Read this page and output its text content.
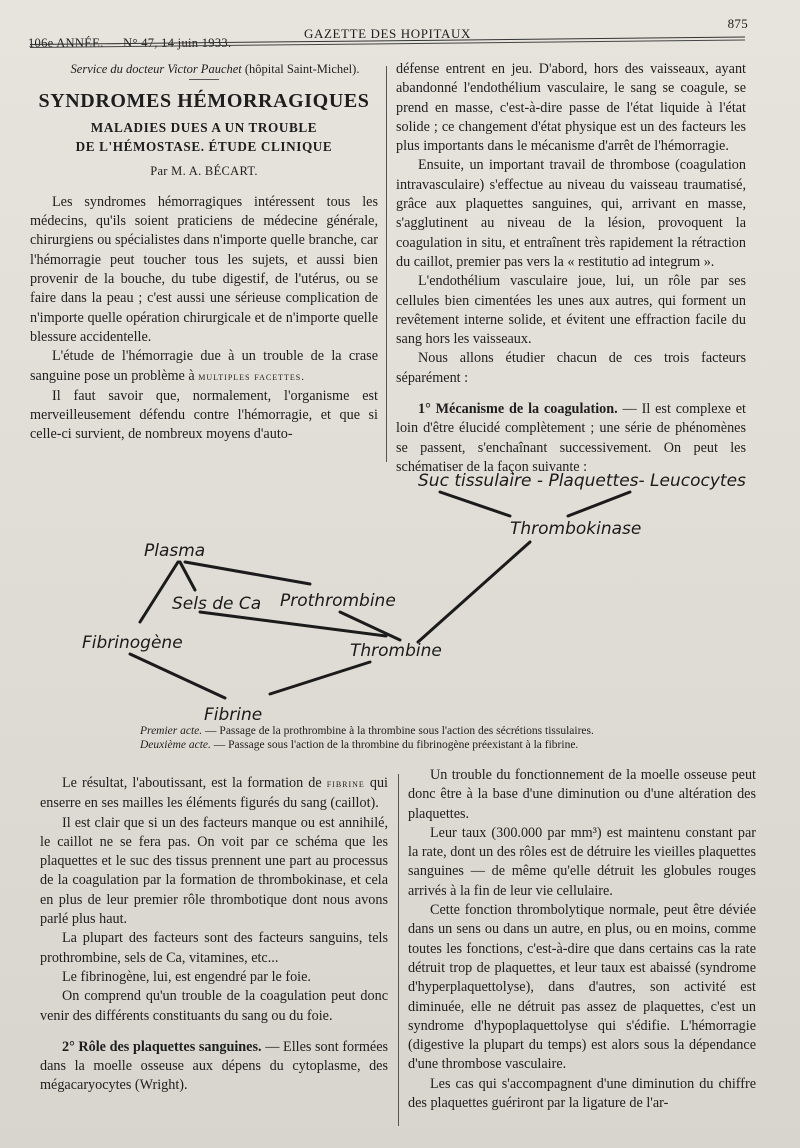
106e ANNÉE. — N° 47, 14 juin 1933.
GAZETTE DES HOPITAUX
875

Service du docteur Victor Pauchet (hôpital Saint-Michel).

SYNDROMES HÉMORRAGIQUES
MALADIES DUES A UN TROUBLE
DE L'HÉMOSTASE. ÉTUDE CLINIQUE
Par M. A. BÉCART.

Les syndromes hémorragiques intéressent tous les médecins, qu'ils soient praticiens de médecine générale, chirurgiens ou spécialistes dans n'importe quelle branche, car l'hémorragie peut toucher tous les sujets, et aussi bien provenir de la bouche, du tube digestif, de l'utérus, ou se faire dans la peau ; c'est aussi une sérieuse complication de n'importe quelle opération chirurgicale et de n'importe quelle blessure accidentelle.

L'étude de l'hémorragie due à un trouble de la crase sanguine pose un problème à multiples facettes.

Il faut savoir que, normalement, l'organisme est merveilleusement défendu contre l'hémorragie, et que si celle-ci survient, de nombreux moyens d'auto-

défense entrent en jeu. D'abord, hors des vaisseaux, ayant abandonné l'endothélium vasculaire, le sang se coagule, se prend en masse, c'est-à-dire passe de l'état liquide à l'état solide ; ce changement d'état physique est un des facteurs les plus importants dans le mécanisme d'arrêt de l'hémorragie.

Ensuite, un important travail de thrombose (coagulation intravasculaire) s'effectue au niveau du vaisseau traumatisé, grâce aux plaquettes sanguines, qui, arrivant en masse, s'agglutinent au niveau de la lésion, provoquent la coagulation in situ, et entraînent très rapidement la rétraction du caillot, premier pas vers la « restitutio ad integrum ».

L'endothélium vasculaire joue, lui, un rôle par ses cellules bien cimentées les unes aux autres, qui forment un revêtement interne solide, et évitent une effraction facile du sang hors les vaisseaux.

Nous allons étudier chacun de ces trois facteurs séparément :

1° Mécanisme de la coagulation. — Il est complexe et loin d'être élucidé complètement ; une série de phénomènes se passent, s'enchaînant successivement. On peut les schématiser de la façon suivante :

Suc tissulaire - Plaquettes- Leucocytes
Thrombokinase
Plasma
Sels de Ca Prothrombine
Fibrinogène	Thrombine
Fibrine
Premier acte. — Passage de la prothrombine à la thrombine sous l'action des sécrétions tissulaires.
Deuxième acte. — Passage sous l'action de la thrombine du fibrinogène préexistant à la fibrine.

Le résultat, l'aboutissant, est la formation de fibrine qui enserre en ses mailles les éléments figurés du sang (caillot).

Il est clair que si un des facteurs manque ou est annihilé, le caillot ne se fera pas. On voit par ce schéma que les plaquettes et le suc des tissus prennent une part au processus de la coagulation par la formation de thrombokinase, et cela en plus de leur premier rôle thrombotique dont nous avons parlé plus haut.

La plupart des facteurs sont des facteurs sanguins, tels prothrombine, sels de Ca, vitamines, etc...

Le fibrinogène, lui, est engendré par le foie.

On comprend qu'un trouble de la coagulation peut donc venir des différents constituants du sang ou du foie.

2° Rôle des plaquettes sanguines. — Elles sont formées dans la moelle osseuse aux dépens du cytoplasme, des mégacaryocytes (Wright).

Un trouble du fonctionnement de la moelle osseuse peut donc être à la base d'une diminution ou d'une altération des plaquettes.

Leur taux (300.000 par mm³) est maintenu constant par la rate, dont un des rôles est de détruire les vieilles plaquettes sanguines — de même qu'elle détruit les globules rouges arrivés à la fin de leur vie cellulaire.

Cette fonction thrombolytique normale, peut être déviée dans un sens ou dans un autre, en plus, ou en moins, comme toutes les fonctions, c'est-à-dire que dans certains cas la rate détruit trop de plaquettes, et leur taux est abaissé (syndrome d'hyperplaquettolyse), dans d'autres, son activité est diminuée, elle ne détruit pas assez de plaquettes, c'est un syndrome d'hypoplaquettolyse qui s'édifie. L'hémorragie (digestive la plupart du temps) est alors sous la dépendance d'une thrombose vasculaire.

Les cas qui s'accompagnent d'une diminution du chiffre des plaquettes guériront par la ligature de l'ar-
